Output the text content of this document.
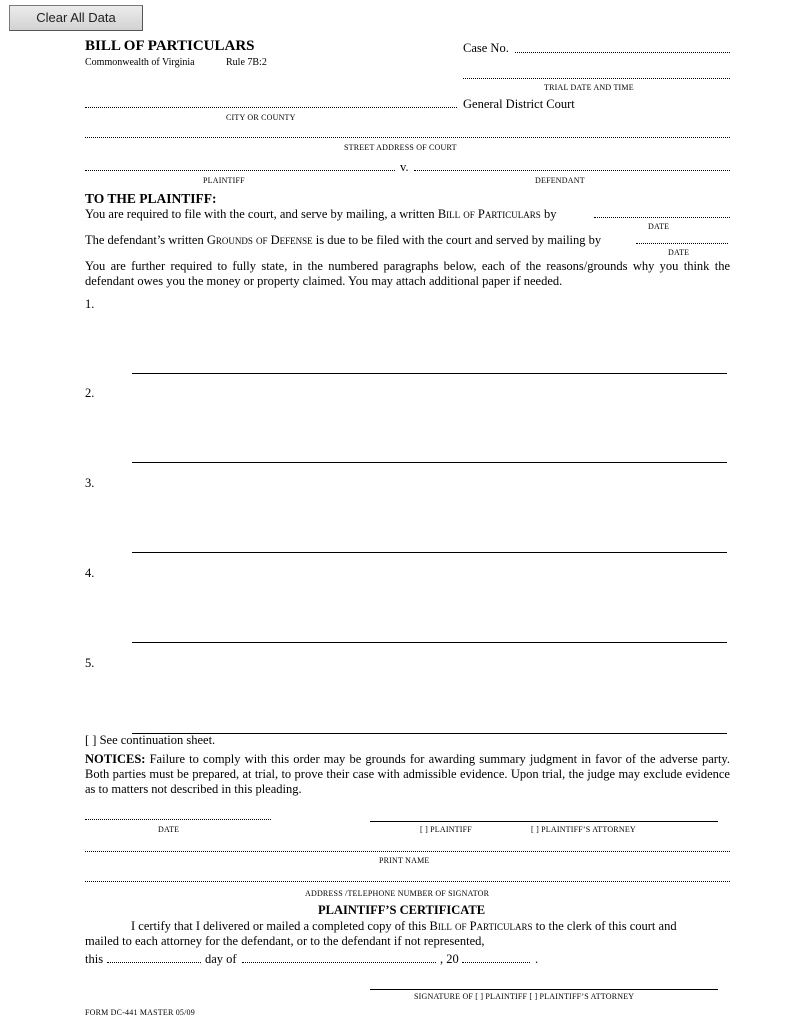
Clear All Data
BILL OF PARTICULARS
Commonwealth of Virginia	Rule 7B:2
Case No.
TRIAL DATE AND TIME
General District Court
CITY OR COUNTY
STREET ADDRESS OF COURT
v.
PLAINTIFF	DEFENDANT
TO THE PLAINTIFF:
You are required to file with the court, and serve by mailing, a written Bill of Particulars by
DATE
The defendant’s written Grounds of Defense is due to be filed with the court and served by mailing by
DATE
You are further required to fully state, in the numbered paragraphs below, each of the reasons/grounds why you think the defendant owes you the money or property claimed. You may attach additional paper if needed.
1.
2.
3.
4.
5.
[ ] See continuation sheet.
NOTICES: Failure to comply with this order may be grounds for awarding summary judgment in favor of the adverse party. Both parties must be prepared, at trial, to prove their case with admissible evidence. Upon trial, the judge may exclude evidence as to matters not described in this pleading.
DATE	[ ] PLAINTIFF	[ ] PLAINTIFF’S ATTORNEY
PRINT NAME
ADDRESS /TELEPHONE NUMBER OF SIGNATOR
PLAINTIFF’S CERTIFICATE
I certify that I delivered or mailed a completed copy of this Bill of Particulars to the clerk of this court and
mailed to each attorney for the defendant, or to the defendant if not represented,
this	day of	, 20	.
SIGNATURE OF [ ] PLAINTIFF [ ] PLAINTIFF’S ATTORNEY
FORM DC-441 MASTER 05/09
